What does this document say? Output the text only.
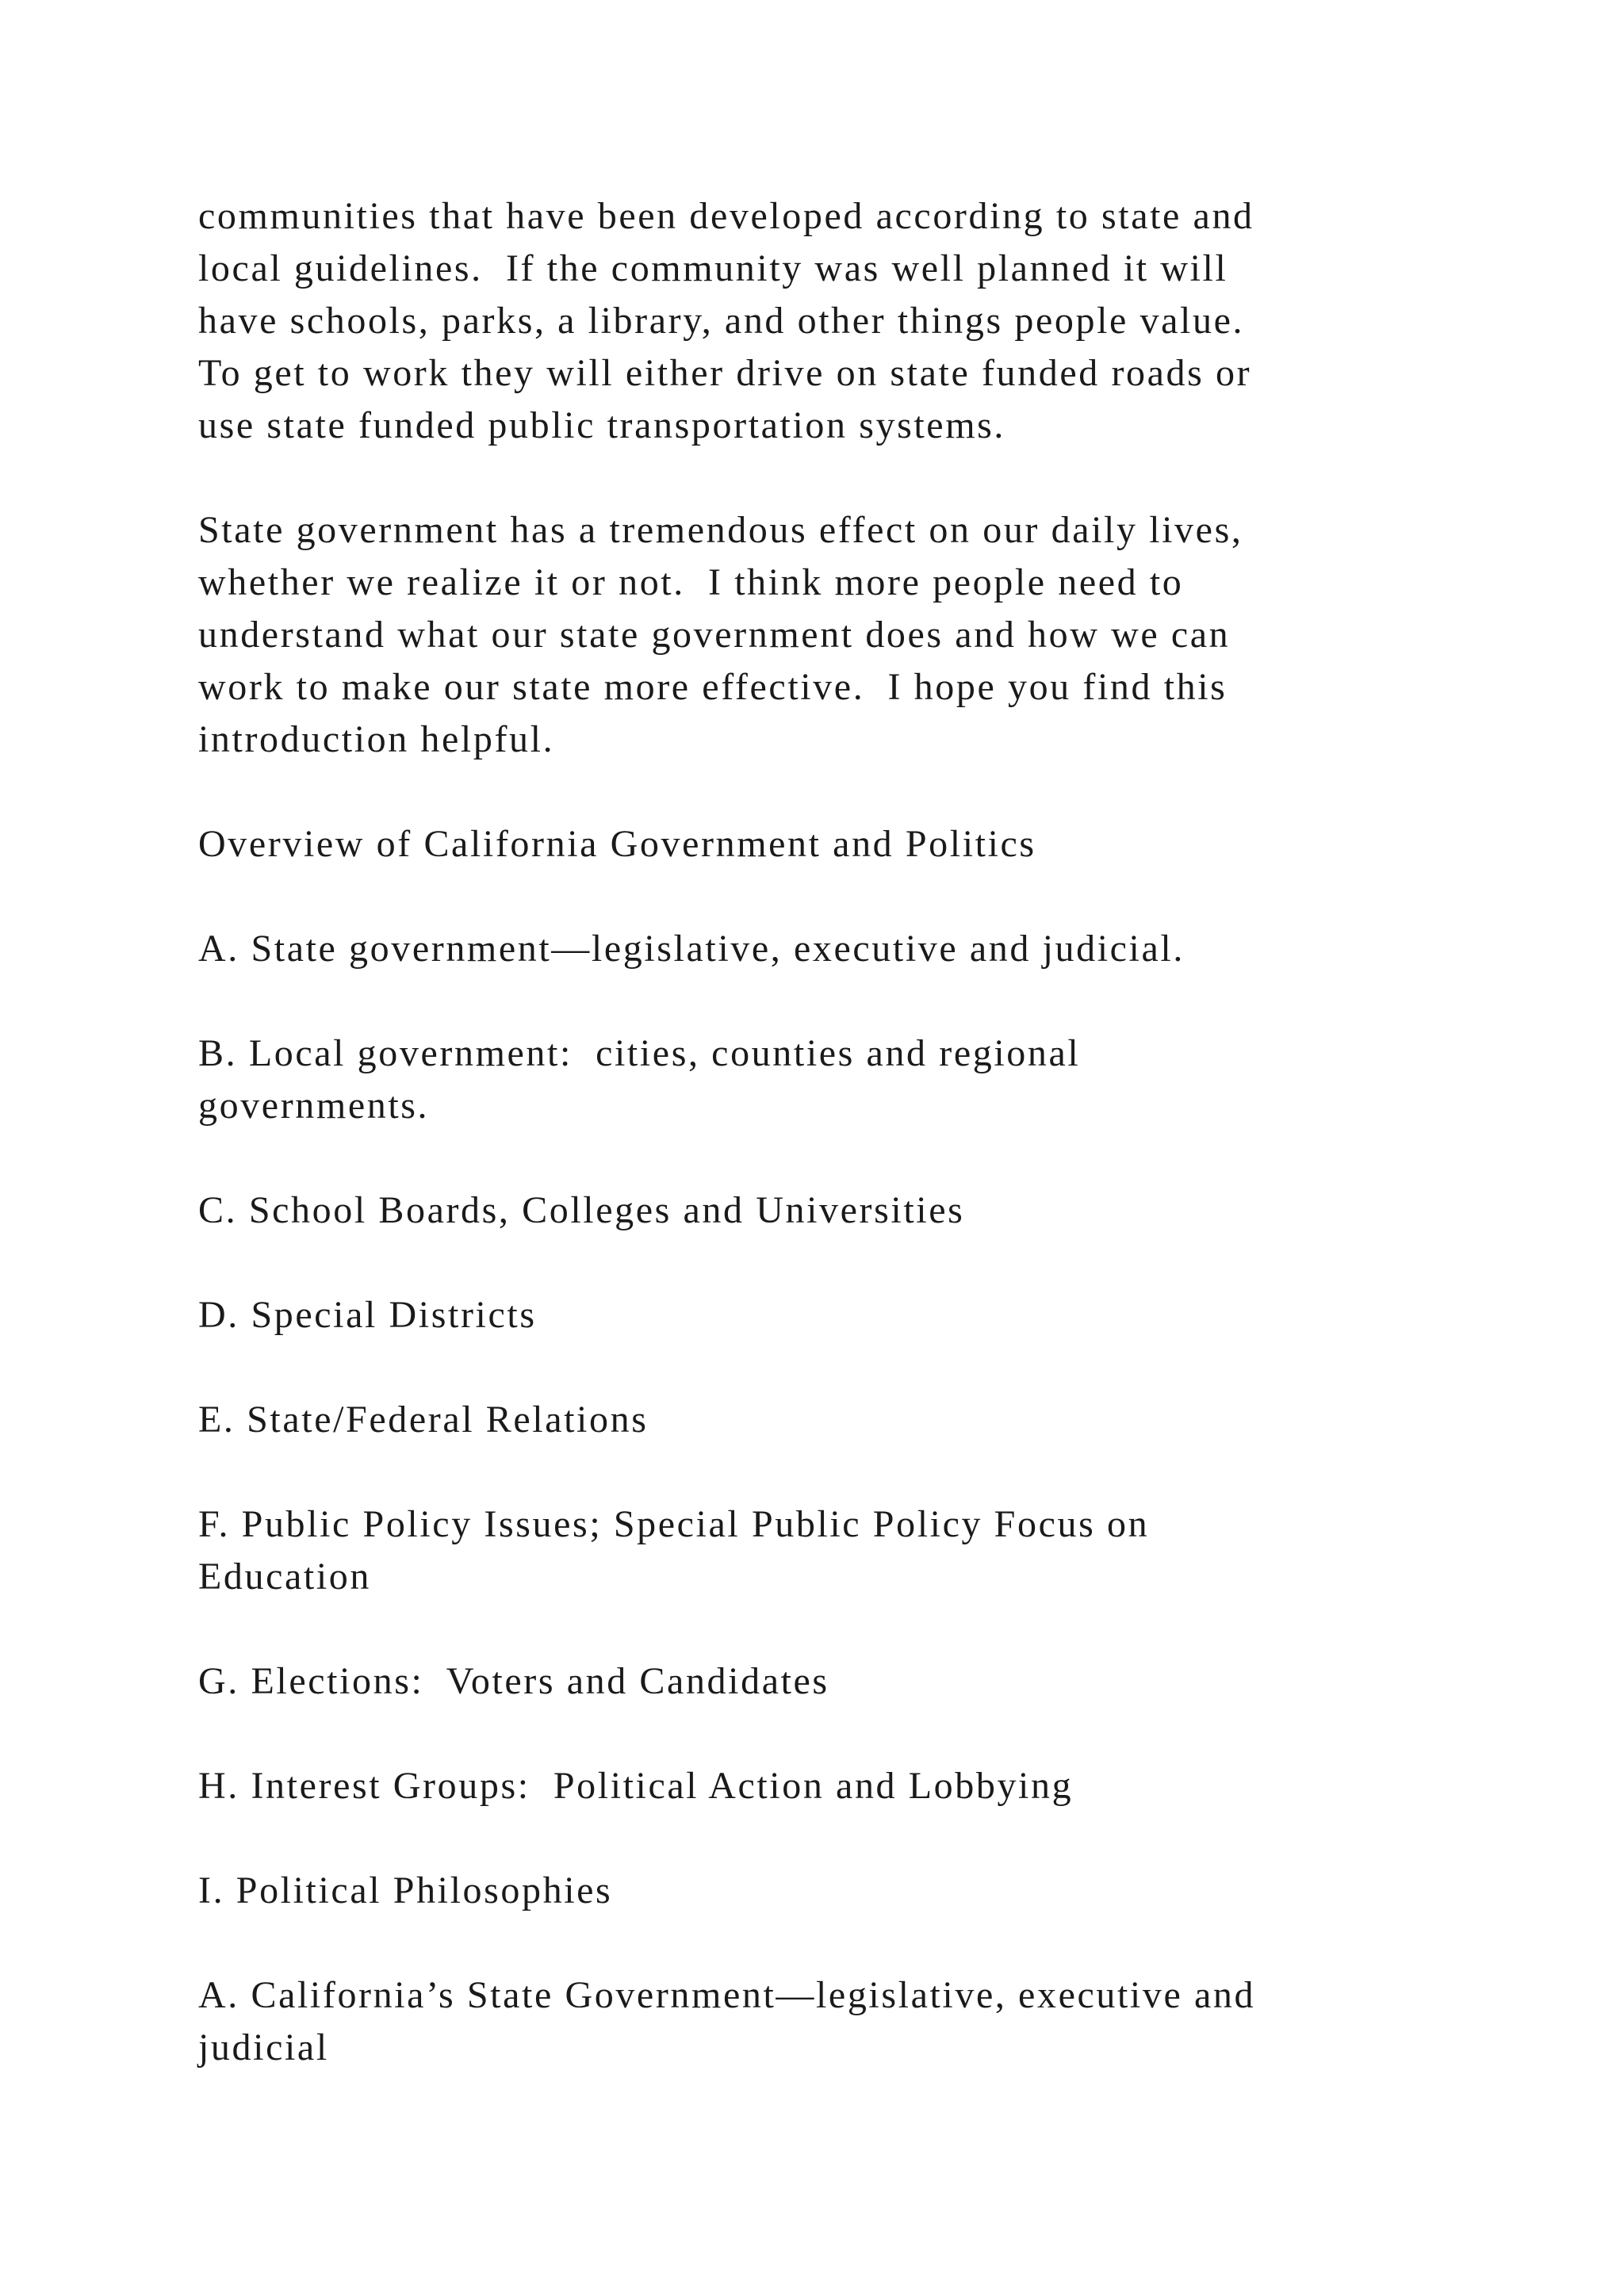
communities that have been developed according to state and
local guidelines.  If the community was well planned it will
have schools, parks, a library, and other things people value.
To get to work they will either drive on state funded roads or
use state funded public transportation systems.
State government has a tremendous effect on our daily lives,
whether we realize it or not.  I think more people need to
understand what our state government does and how we can
work to make our state more effective.  I hope you find this
introduction helpful.
Overview of California Government and Politics
A. State government—legislative, executive and judicial.
B. Local government:  cities, counties and regional
governments.
C. School Boards, Colleges and Universities
D. Special Districts
E. State/Federal Relations
F. Public Policy Issues; Special Public Policy Focus on
Education
G. Elections:  Voters and Candidates
H. Interest Groups:  Political Action and Lobbying
I. Political Philosophies
A. California’s State Government—legislative, executive and
judicial
